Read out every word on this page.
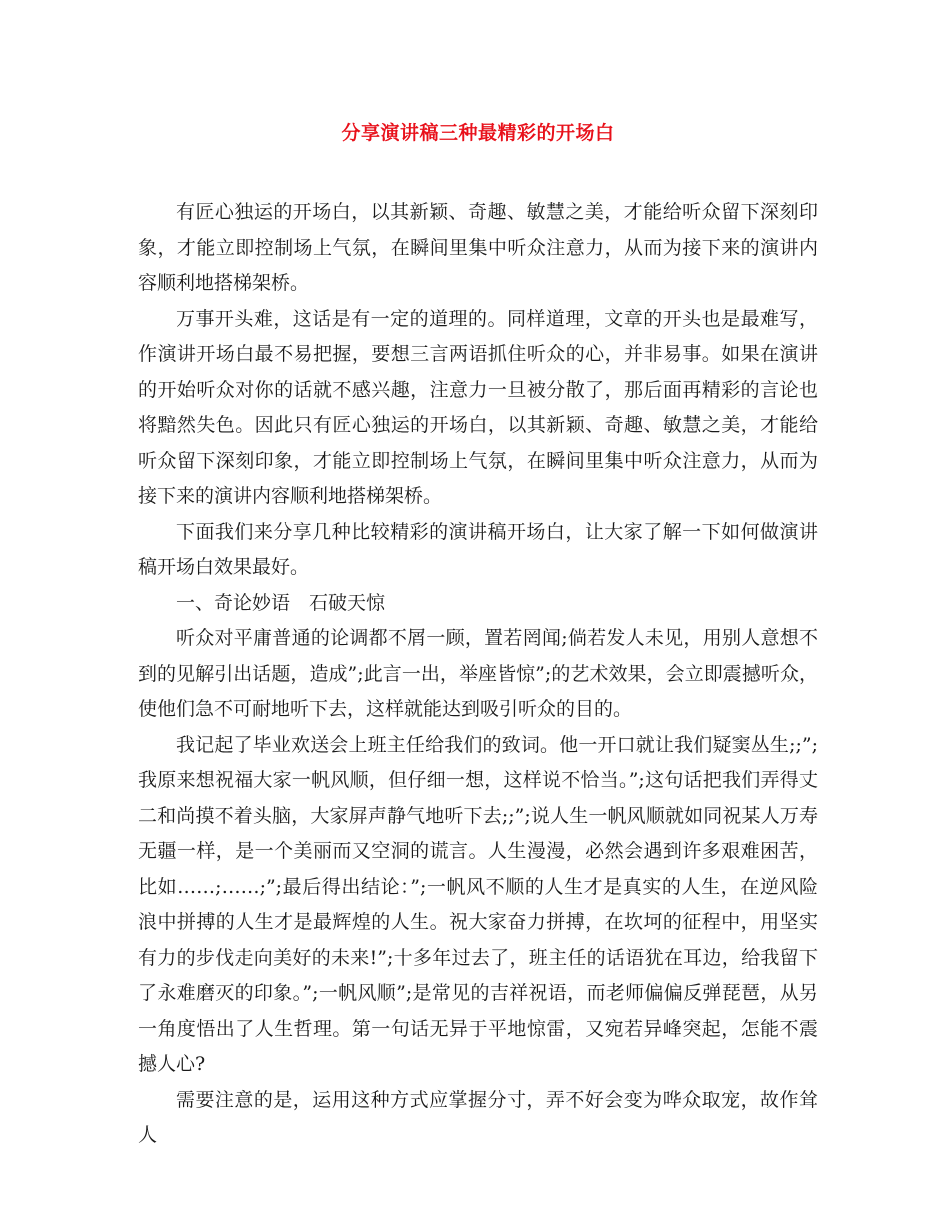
分享演讲稿三种最精彩的开场白

有匠心独运的开场白，以其新颖、奇趣、敏慧之美，才能给听众留下深刻印象，才能立即控制场上气氛，在瞬间里集中听众注意力，从而为接下来的演讲内容顺利地搭梯架桥。

万事开头难，这话是有一定的道理的。同样道理，文章的开头也是最难写，作演讲开场白最不易把握，要想三言两语抓住听众的心，并非易事。如果在演讲的开始听众对你的话就不感兴趣，注意力一旦被分散了，那后面再精彩的言论也将黯然失色。因此只有匠心独运的开场白，以其新颖、奇趣、敏慧之美，才能给听众留下深刻印象，才能立即控制场上气氛，在瞬间里集中听众注意力，从而为接下来的演讲内容顺利地搭梯架桥。

下面我们来分享几种比较精彩的演讲稿开场白，让大家了解一下如何做演讲稿开场白效果最好。

一、奇论妙语　石破天惊

听众对平庸普通的论调都不屑一顾，置若罔闻;倘若发人未见，用别人意想不到的见解引出话题，造成”;此言一出，举座皆惊”;的艺术效果，会立即震撼听众，使他们急不可耐地听下去，这样就能达到吸引听众的目的。

我记起了毕业欢送会上班主任给我们的致词。他一开口就让我们疑窦丛生;;”;我原来想祝福大家一帆风顺，但仔细一想，这样说不恰当。”;这句话把我们弄得丈二和尚摸不着头脑，大家屏声静气地听下去;;”;说人生一帆风顺就如同祝某人万寿无疆一样，是一个美丽而又空洞的谎言。人生漫漫，必然会遇到许多艰难困苦，比如……;……;”;最后得出结论：”;一帆风不顺的人生才是真实的人生，在逆风险浪中拼搏的人生才是最辉煌的人生。祝大家奋力拼搏，在坎坷的征程中，用坚实有力的步伐走向美好的未来!”;十多年过去了，班主任的话语犹在耳边，给我留下了永难磨灭的印象。”;一帆风顺”;是常见的吉祥祝语，而老师偏偏反弹琵琶，从另一角度悟出了人生哲理。第一句话无异于平地惊雷，又宛若异峰突起，怎能不震撼人心?

需要注意的是，运用这种方式应掌握分寸，弄不好会变为哗众取宠，故作耸人
